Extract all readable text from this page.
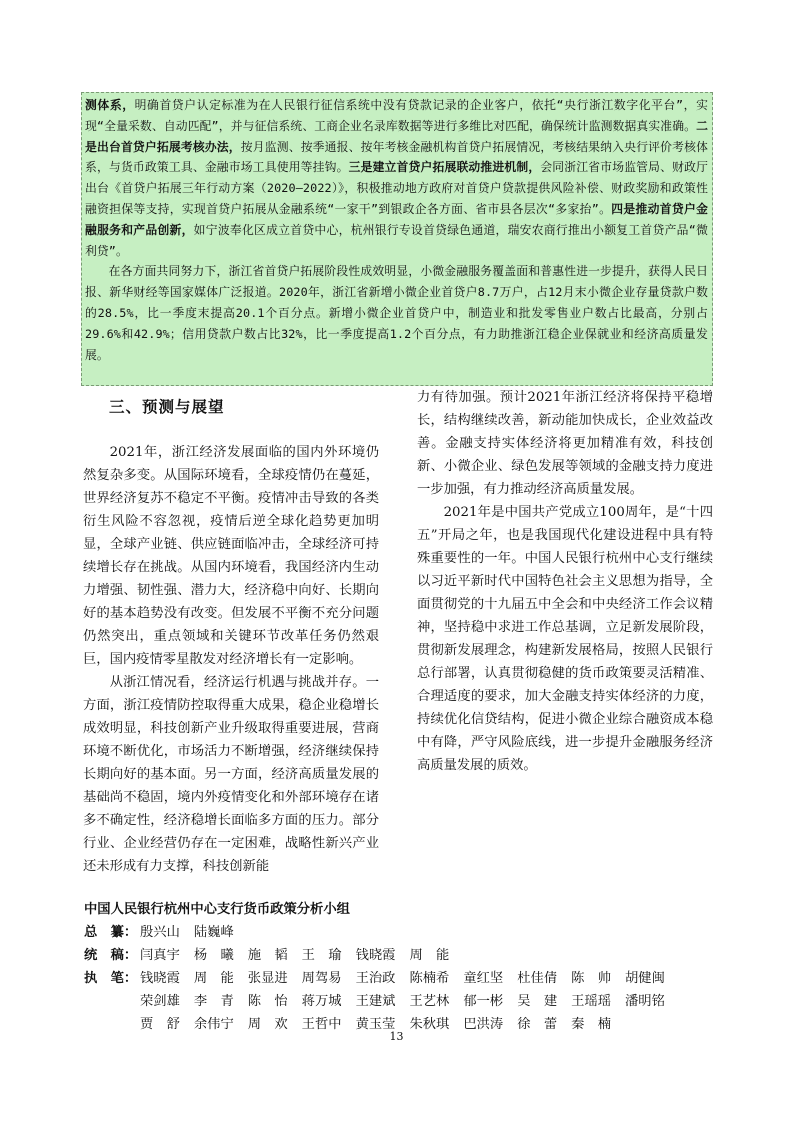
测体系，明确首贷户认定标准为在人民银行征信系统中没有贷款记录的企业客户，依托“央行浙江数字化平台”，实现“全量采数、自动匹配”，并与征信系统、工商企业名录库数据等进行多维比对匹配，确保统计监测数据真实准确。二是出台首贷户拓展考核办法，按月监测、按季通报、按年考核金融机构首贷户拓展情况，考核结果纳入央行评价考核体系，与货币政策工具、金融市场工具使用等挂钩。三是建立首贷户拓展联动推进机制，会同浙江省市场监管局、财政厅出台《首贷户拓展三年行动方案（2020–2022）》，积极推动地方政府对首贷户贷款提供风险补偿、财政奖励和政策性融资担保等支持，实现首贷户拓展从金融系统“一家干”到银政企各方面、省市县各层次“多家抬”。四是推动首贷户金融服务和产品创新，如宁波奉化区成立首贷中心，杭州银行专设首贷绿色通道，瑞安农商行推出小额复工首贷产品“微利贷”。

在各方面共同努力下，浙江省首贷户拓展阶段性成效明显，小微金融服务覆盖面和普惠性进一步提升，获得人民日报、新华财经等国家媒体广泛报道。2020年，浙江省新增小微企业首贷户8.7万户，占12月末小微企业存量贷款户数的28.5%，比一季度末提高20.1个百分点。新增小微企业首贷户中，制造业和批发零售业户数占比最高，分别占29.6%和42.9%；信用贷款户数占比32%，比一季度提高1.2个百分点，有力助推浙江稳企业保就业和经济高质量发展。

三、预测与展望

2021年，浙江经济发展面临的国内外环境仍然复杂多变。从国际环境看，全球疫情仍在蔓延，世界经济复苏不稳定不平衡。疫情冲击导致的各类衍生风险不容忽视，疫情后逆全球化趋势更加明显，全球产业链、供应链面临冲击，全球经济可持续增长存在挑战。从国内环境看，我国经济内生动力增强、韧性强、潜力大，经济稳中向好、长期向好的基本趋势没有改变。但发展不平衡不充分问题仍然突出，重点领域和关键环节改革任务仍然艰巨，国内疫情零星散发对经济增长有一定影响。

从浙江情况看，经济运行机遇与挑战并存。一方面，浙江疫情防控取得重大成果，稳企业稳增长成效明显，科技创新产业升级取得重要进展，营商环境不断优化，市场活力不断增强，经济继续保持长期向好的基本面。另一方面，经济高质量发展的基础尚不稳固，境内外疫情变化和外部环境存在诸多不确定性，经济稳增长面临多方面的压力。部分行业、企业经营仍存在一定困难，战略性新兴产业还未形成有力支撑，科技创新能

力有待加强。预计2021年浙江经济将保持平稳增长，结构继续改善，新动能加快成长，企业效益改善。金融支持实体经济将更加精准有效，科技创新、小微企业、绿色发展等领域的金融支持力度进一步加强，有力推动经济高质量发展。

2021年是中国共产党成立100周年，是“十四五”开局之年，也是我国现代化建设进程中具有特殊重要性的一年。中国人民银行杭州中心支行继续以习近平新时代中国特色社会主义思想为指导，全面贯彻党的十九届五中全会和中央经济工作会议精神，坚持稳中求进工作总基调，立足新发展阶段，贯彻新发展理念，构建新发展格局，按照人民银行总行部署，认真贯彻稳健的货币政策要灵活精准、合理适度的要求，加大金融支持实体经济的力度，持续优化信贷结构，促进小微企业综合融资成本稳中有降，严守风险底线，进一步提升金融服务经济高质量发展的质效。

中国人民银行杭州中心支行货币政策分析小组
总　纂： 殷兴山 陆巍峰
统　稿： 闫真宇 杨　曦 施　韬 王　瑜 钱晓霞 周　能
执　笔： 钱晓霞 周　能 张显进 周驾易 王治政 陈楠希 童红坚 杜佳倩 陈　帅 胡健闽
荣剑雄 李　青 陈　怡 蒋万城 王建斌 王艺林 郁一彬 吴　建 王瑶瑶 潘明铭
贾　舒 余伟宁 周　欢 王哲中 黄玉莹 朱秋琪 巴洪涛 徐　蕾 秦　楠
13
